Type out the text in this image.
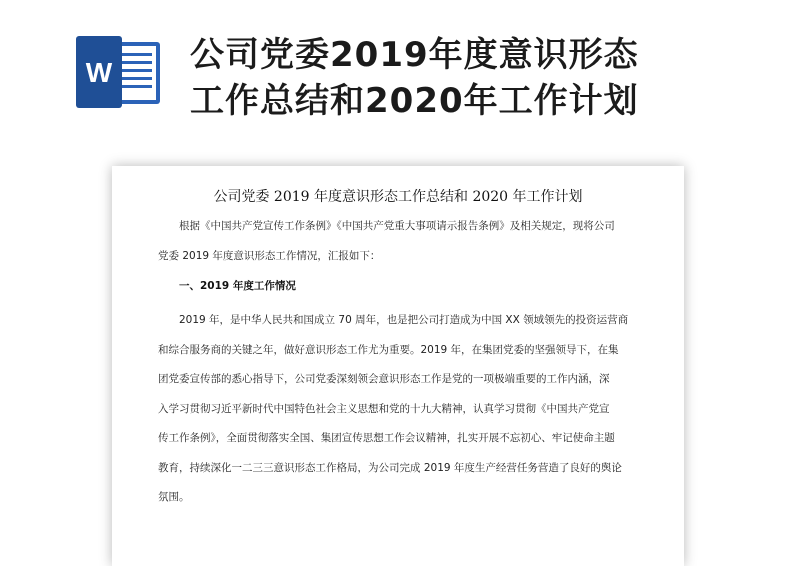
W 公司党委2019年度意识形态
工作总结和2020年工作计划
公司党委 2019 年度意识形态工作总结和 2020 年工作计划
根据《中国共产党宣传工作条例》《中国共产党重大事项请示报告条例》及相关规定，现将公司
党委 2019 年度意识形态工作情况，汇报如下：
一、2019 年度工作情况
2019 年，是中华人民共和国成立 70 周年，也是把公司打造成为中国 XX 领域领先的投资运营商
和综合服务商的关键之年，做好意识形态工作尤为重要。2019 年，在集团党委的坚强领导下，在集
团党委宣传部的悉心指导下，公司党委深刻领会意识形态工作是党的一项极端重要的工作内涵，深
入学习贯彻习近平新时代中国特色社会主义思想和党的十九大精神，认真学习贯彻《中国共产党宣
传工作条例》，全面贯彻落实全国、集团宣传思想工作会议精神，扎实开展不忘初心、牢记使命主题
教育，持续深化一二三三意识形态工作格局，为公司完成 2019 年度生产经营任务营造了良好的舆论
氛围。
